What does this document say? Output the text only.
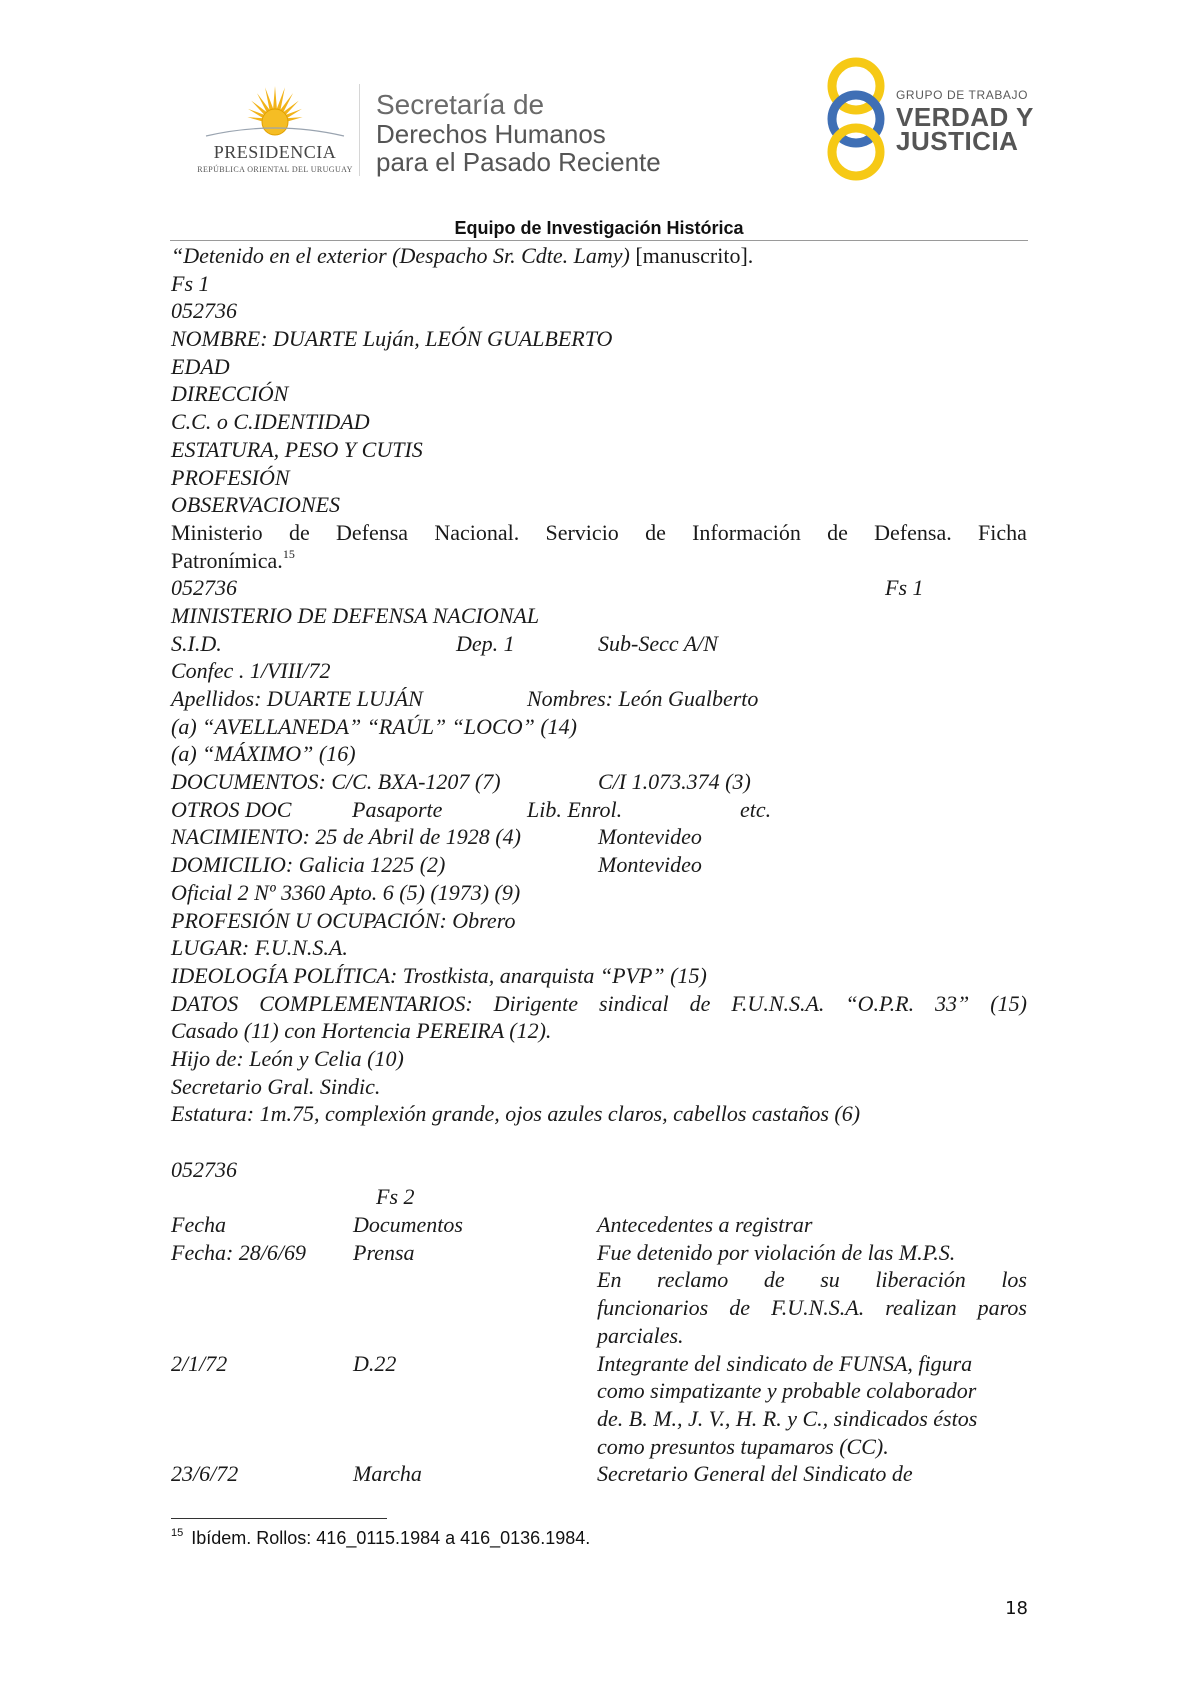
PRESIDENCIA
REPÚBLICA ORIENTAL DEL URUGUAY
Secretaría de
Derechos Humanos
para el Pasado Reciente
GRUPO DE TRABAJO
VERDAD Y
JUSTICIA
Equipo de Investigación Histórica
“Detenido en el exterior (Despacho Sr. Cdte. Lamy) [manuscrito].
Fs 1
052736
NOMBRE: DUARTE Luján, LEÓN GUALBERTO
EDAD
DIRECCIÓN
C.C. o C.IDENTIDAD
ESTATURA, PESO Y CUTIS
PROFESIÓN
OBSERVACIONES
Ministerio de Defensa Nacional. Servicio de Información de Defensa. Ficha
Patronímica.$^{15}$
052736	Fs 1
MINISTERIO DE DEFENSA NACIONAL
S.I.D.	Dep. 1	Sub-Secc A/N
Confec . 1/VIII/72
Apellidos: DUARTE LUJÁN	Nombres: León Gualberto
(a) “AVELLANEDA” “RAÚL” “LOCO” (14)
(a) “MÁXIMO” (16)
DOCUMENTOS: C/C. BXA-1207 (7)	C/I 1.073.374 (3)
OTROS DOC	Pasaporte	Lib. Enrol.	etc.
NACIMIENTO: 25 de Abril de 1928 (4)	Montevideo
DOMICILIO: Galicia 1225 (2)	Montevideo
Oficial 2 Nº 3360 Apto. 6 (5) (1973) (9)
PROFESIÓN U OCUPACIÓN: Obrero
LUGAR: F.U.N.S.A.
IDEOLOGÍA POLÍTICA: Trostkista, anarquista “PVP” (15)
DATOS COMPLEMENTARIOS: Dirigente sindical de F.U.N.S.A. “O.P.R. 33” (15)
Casado (11) con Hortencia PEREIRA (12).
Hijo de: León y Celia (10)
Secretario Gral. Sindic.
Estatura: 1m.75, complexión grande, ojos azules claros, cabellos castaños (6)
052736
Fs 2
Fecha	Documentos	Antecedentes a registrar
Fecha: 28/6/69	Prensa	Fue detenido por violación de las M.P.S.
En reclamo de su liberación los
funcionarios de F.U.N.S.A. realizan paros
parciales.
2/1/72	D.22	Integrante del sindicato de FUNSA, figura
como simpatizante y probable colaborador
de. B. M., J. V., H. R. y C., sindicados éstos
como presuntos tupamaros (CC).
23/6/72	Marcha	Secretario General del Sindicato de
$^{15}$ Ibídem. Rollos: 416_0115.1984 a 416_0136.1984.
18
